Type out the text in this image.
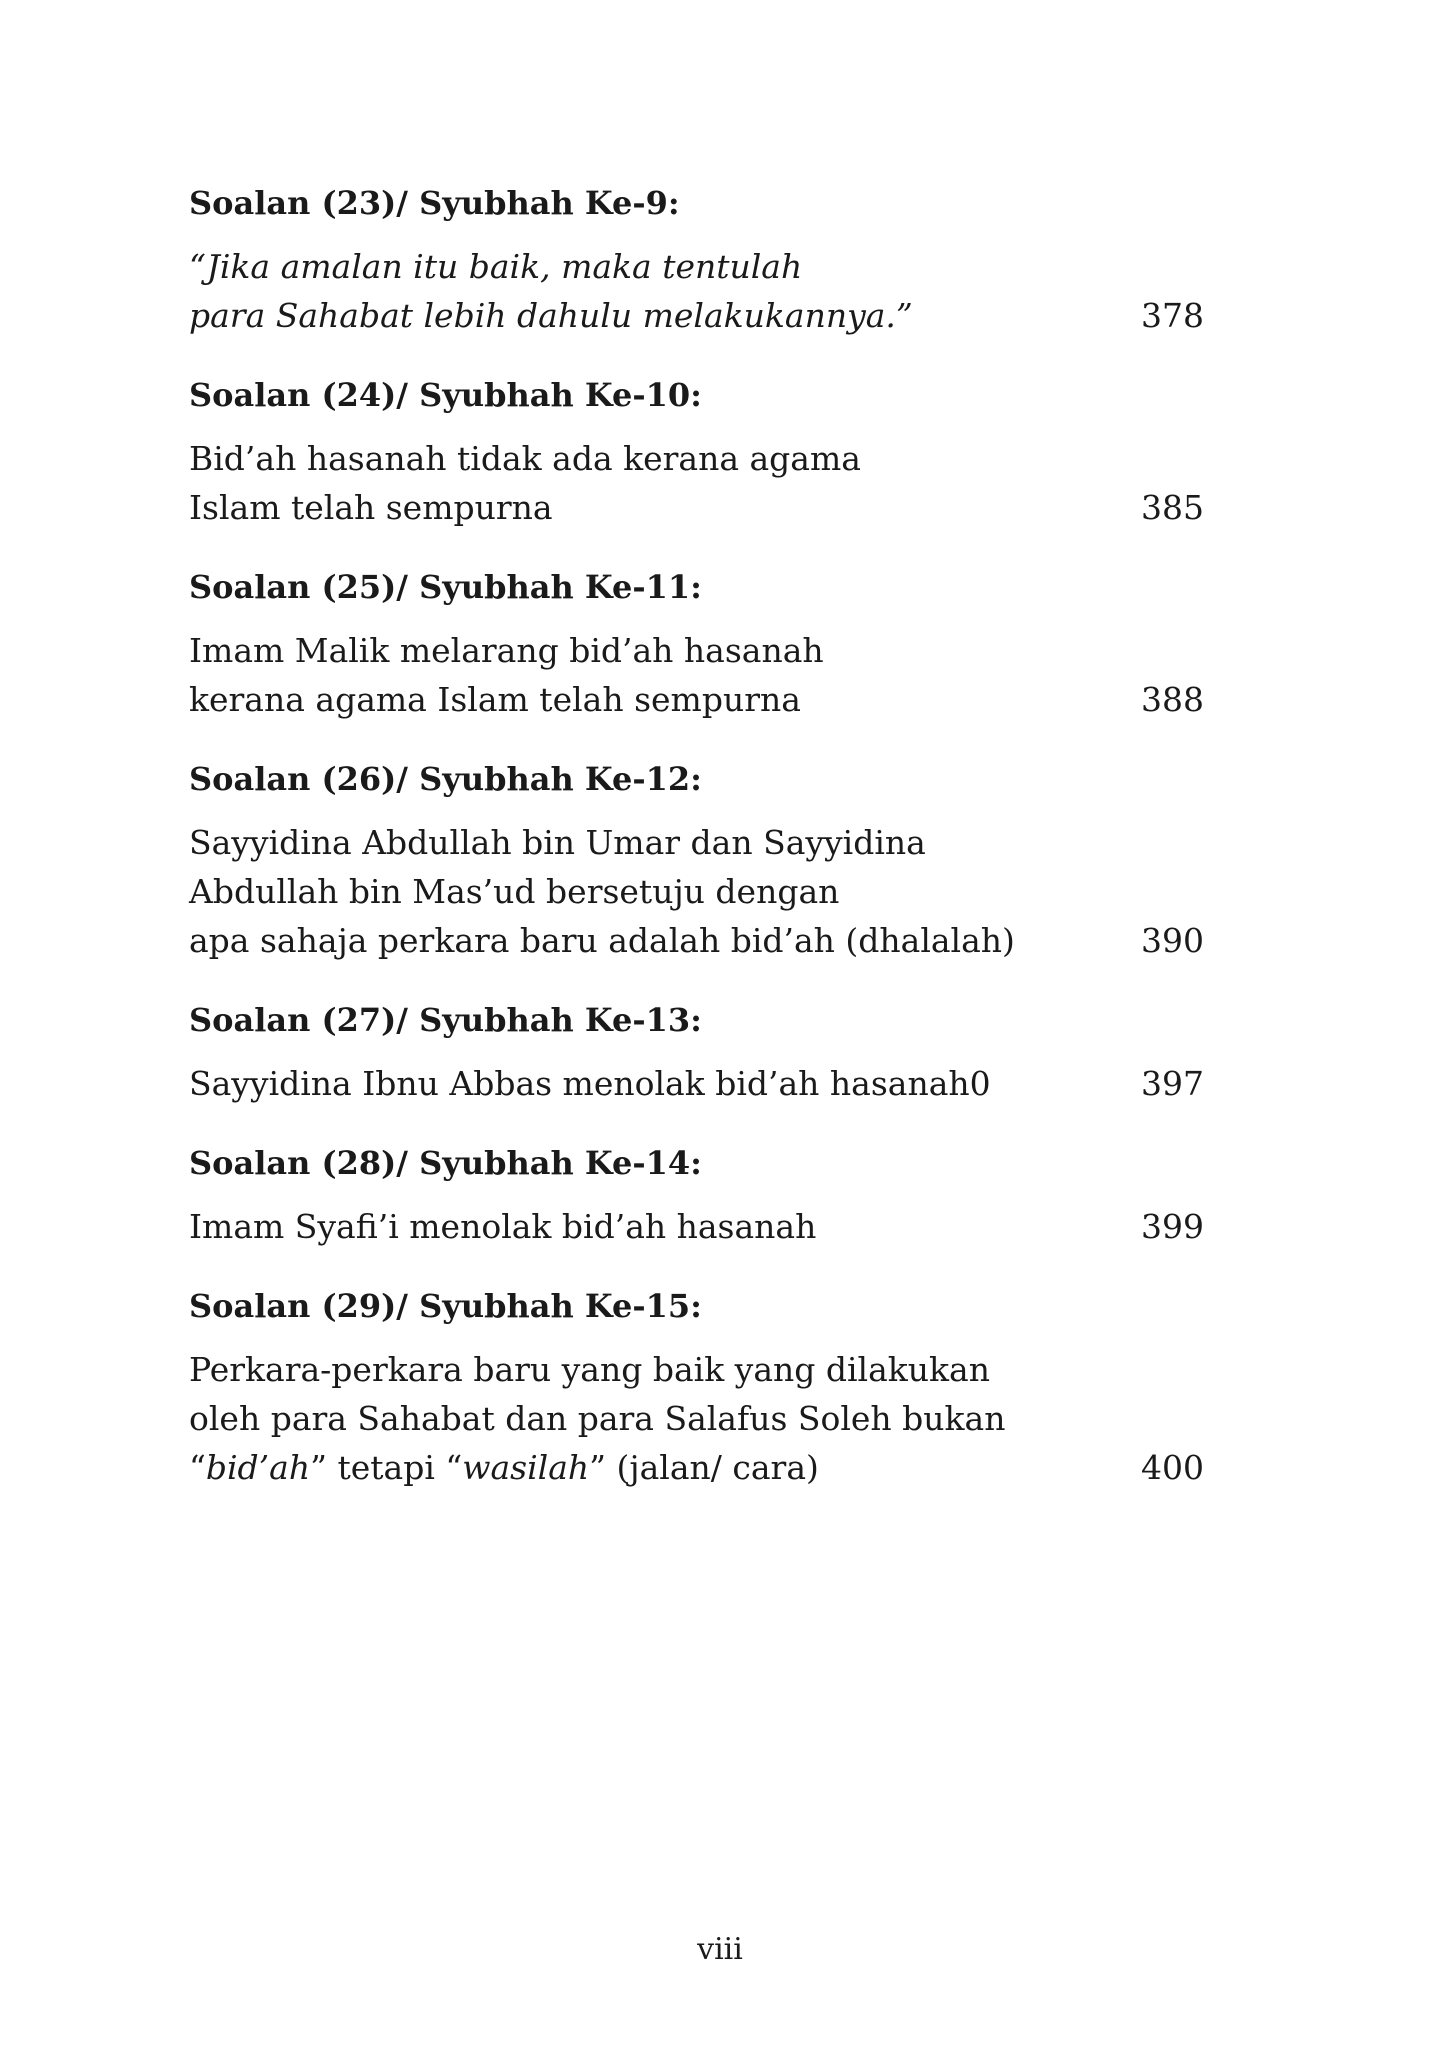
Soalan (23)/ Syubhah Ke-9:

“Jika amalan itu baik, maka tentulah
para Sahabat lebih dahulu melakukannya.”	378

Soalan (24)/ Syubhah Ke-10:

Bid’ah hasanah tidak ada kerana agama
Islam telah sempurna	385

Soalan (25)/ Syubhah Ke-11:

Imam Malik melarang bid’ah hasanah
kerana agama Islam telah sempurna	388

Soalan (26)/ Syubhah Ke-12:

Sayyidina Abdullah bin Umar dan Sayyidina
Abdullah bin Mas’ud bersetuju dengan
apa sahaja perkara baru adalah bid’ah (dhalalah)	390

Soalan (27)/ Syubhah Ke-13:

Sayyidina Ibnu Abbas menolak bid’ah hasanah0	397

Soalan (28)/ Syubhah Ke-14:

Imam Syafi’i menolak bid’ah hasanah	399

Soalan (29)/ Syubhah Ke-15:

Perkara-perkara baru yang baik yang dilakukan
oleh para Sahabat dan para Salafus Soleh bukan
“bid’ah” tetapi “wasilah” (jalan/ cara)	400
viii
